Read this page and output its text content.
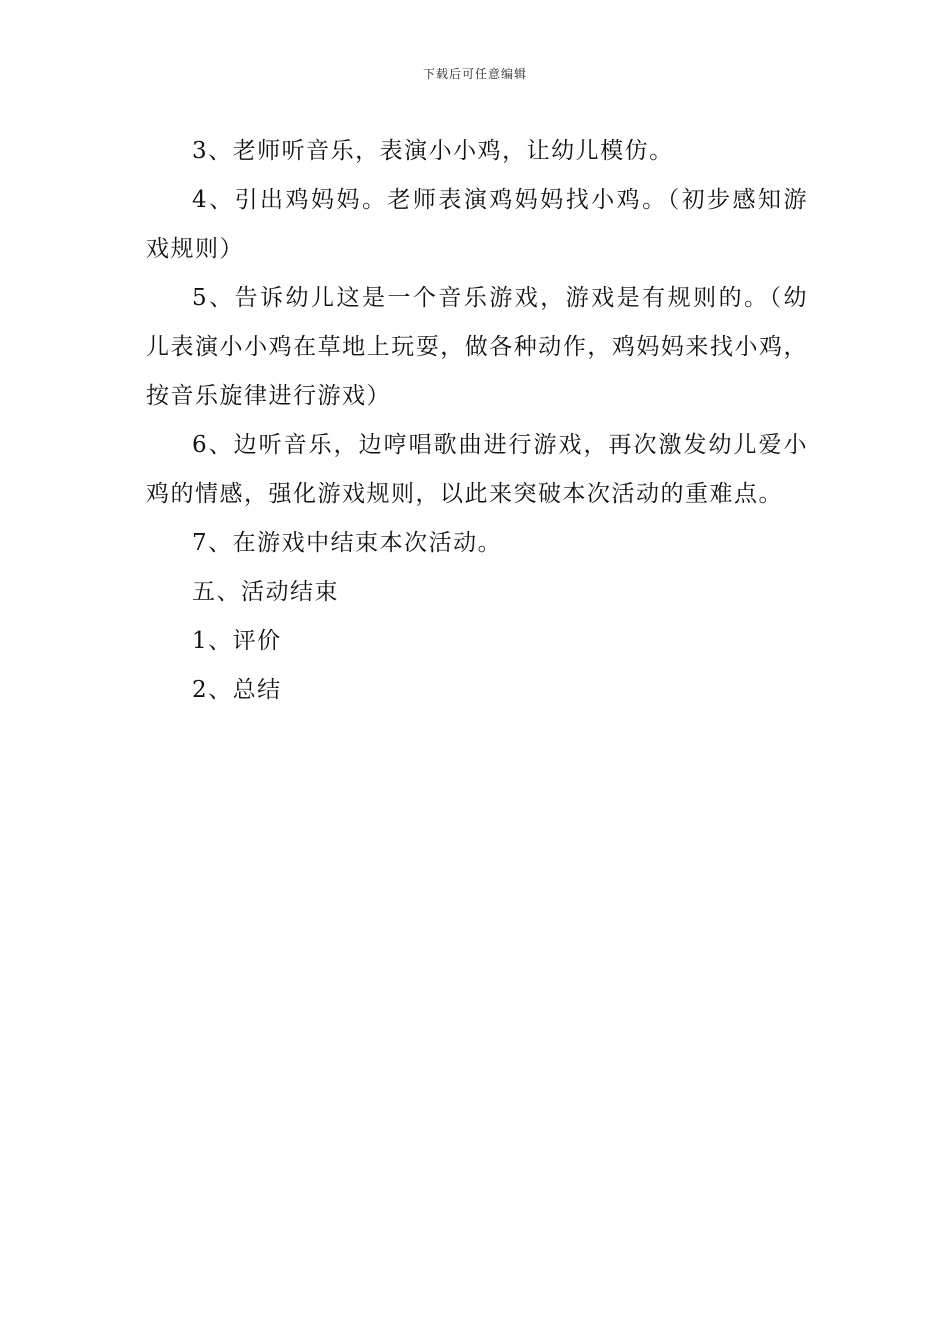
下载后可任意编辑

3、老师听音乐，表演小小鸡，让幼儿模仿。

4、引出鸡妈妈。老师表演鸡妈妈找小鸡。（初步感知游戏规则）

5、告诉幼儿这是一个音乐游戏，游戏是有规则的。（幼儿表演小小鸡在草地上玩耍，做各种动作，鸡妈妈来找小鸡，按音乐旋律进行游戏）

6、边听音乐，边哼唱歌曲进行游戏，再次激发幼儿爱小鸡的情感，强化游戏规则，以此来突破本次活动的重难点。

7、在游戏中结束本次活动。

五、活动结束

1、评价

2、总结
